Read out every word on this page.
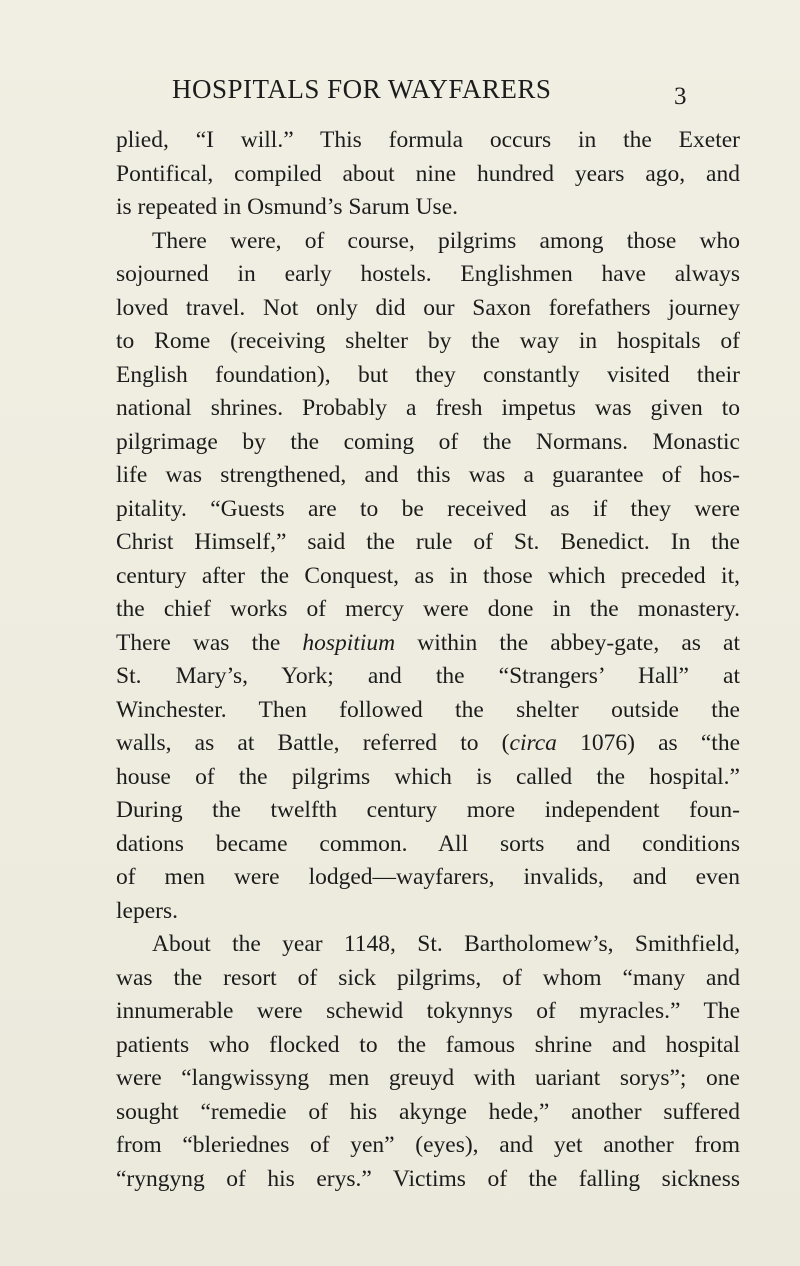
HOSPITALS FOR WAYFARERS	3
plied, “I will.” This formula occurs in the Exeter
Pontifical, compiled about nine hundred years ago, and
is repeated in Osmund’s Sarum Use.
There were, of course, pilgrims among those who
sojourned in early hostels. Englishmen have always
loved travel. Not only did our Saxon forefathers journey
to Rome (receiving shelter by the way in hospitals of
English foundation), but they constantly visited their
national shrines. Probably a fresh impetus was given to
pilgrimage by the coming of the Normans. Monastic
life was strengthened, and this was a guarantee of hos-
pitality. “Guests are to be received as if they were
Christ Himself,” said the rule of St. Benedict. In the
century after the Conquest, as in those which preceded it,
the chief works of mercy were done in the monastery.
There was the hospitium within the abbey-gate, as at
St. Mary’s, York; and the “Strangers’ Hall” at
Winchester. Then followed the shelter outside the
walls, as at Battle, referred to (circa 1076) as “the
house of the pilgrims which is called the hospital.”
During the twelfth century more independent foun-
dations became common. All sorts and conditions
of men were lodged—wayfarers, invalids, and even
lepers.
About the year 1148, St. Bartholomew’s, Smithfield,
was the resort of sick pilgrims, of whom “many and
innumerable were schewid tokynnys of myracles.” The
patients who flocked to the famous shrine and hospital
were “langwissyng men greuyd with uariant sorys”; one
sought “remedie of his akynge hede,” another suffered
from “bleriednes of yen” (eyes), and yet another from
“ryngyng of his erys.” Victims of the falling sickness
